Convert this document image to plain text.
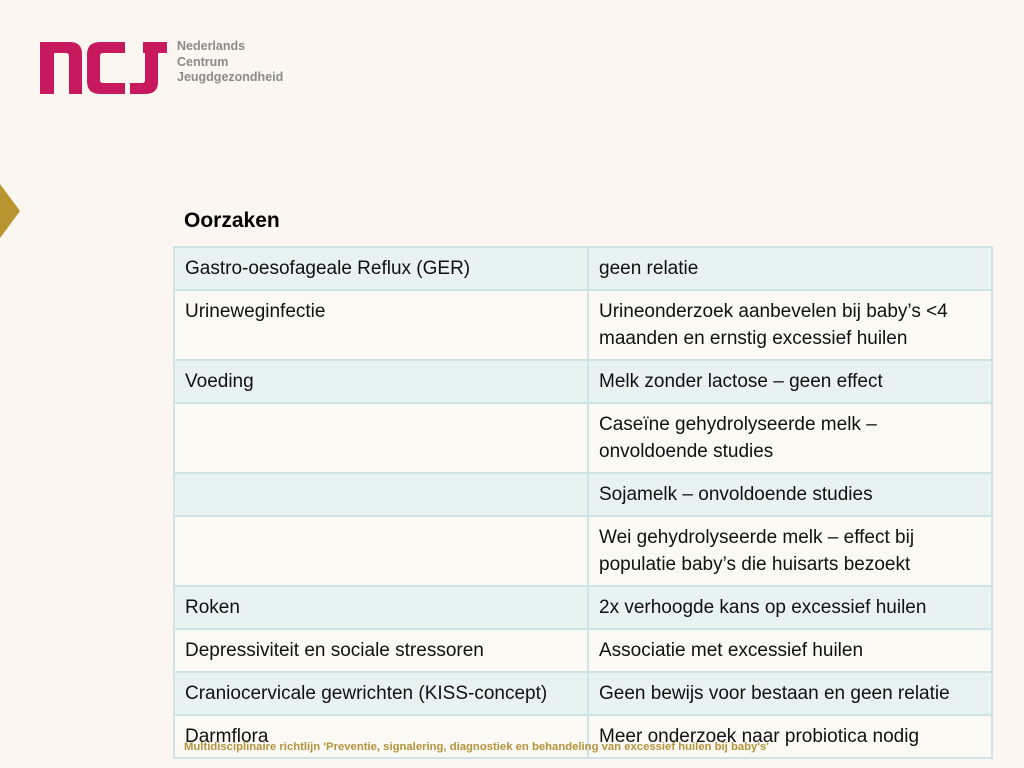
Nederlands
Centrum
Jeugdgezondheid
Oorzaken
Gastro-oesofageale Reflux (GER)	geen relatie
Urineweginfectie	Urineonderzoek aanbevelen bij baby’s <4 maanden en ernstig excessief huilen
Voeding	Melk zonder lactose – geen effect
	Caseïne gehydrolyseerde melk – onvoldoende studies
	Sojamelk – onvoldoende studies
	Wei gehydrolyseerde melk – effect bij populatie baby’s die huisarts bezoekt
Roken	2x verhoogde kans op excessief huilen
Depressiviteit en sociale stressoren	Associatie met excessief huilen
Craniocervicale gewrichten (KISS-concept)	Geen bewijs voor bestaan en geen relatie
Darmflora	Meer onderzoek naar probiotica nodig
Multidisciplinaire richtlijn 'Preventie, signalering, diagnostiek en behandeling van excessief huilen bij baby's'
